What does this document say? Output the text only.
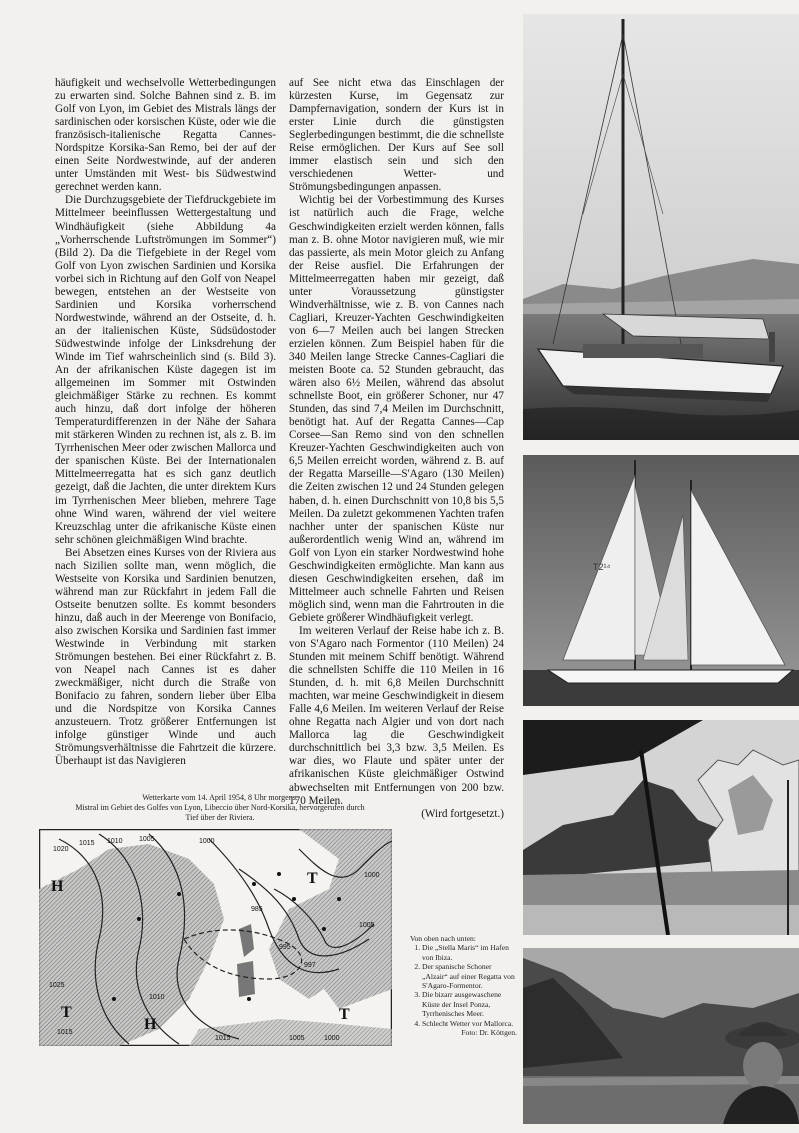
häufigkeit und wechselvolle Wetterbedingungen zu erwarten sind. Solche Bahnen sind z. B. im Golf von Lyon, im Gebiet des Mistrals längs der sardinischen oder korsischen Küste, oder wie die französisch-italienische Regatta Cannes-Nordspitze Korsika-San Remo, bei der auf der einen Seite Nordwestwinde, auf der anderen unter Umständen mit West- bis Südwestwind gerechnet werden kann.

Die Durchzugsgebiete der Tiefdruckgebiete im Mittelmeer beeinflussen Wettergestaltung und Windhäufigkeit (siehe Abbildung 4a „Vorherrschende Luftströmungen im Sommer“) (Bild 2). Da die Tiefgebiete in der Regel vom Golf von Lyon zwischen Sardinien und Korsika vorbei sich in Richtung auf den Golf von Neapel bewegen, entstehen an der Westseite von Sardinien und Korsika vorherrschend Nordwestwinde, während an der Ostseite, d. h. an der italienischen Küste, Südsüdostoder Südwestwinde infolge der Linksdrehung der Winde im Tief wahrscheinlich sind (s. Bild 3). An der afrikanischen Küste dagegen ist im allgemeinen im Sommer mit Ostwinden gleichmäßiger Stärke zu rechnen. Es kommt auch hinzu, daß dort infolge der höheren Temperaturdifferenzen in der Nähe der Sahara mit stärkeren Winden zu rechnen ist, als z. B. im Tyrrhenischen Meer oder zwischen Mallorca und der spanischen Küste. Bei der Internationalen Mittelmeerregatta hat es sich ganz deutlich gezeigt, daß die Jachten, die unter direktem Kurs im Tyrrhenischen Meer blieben, mehrere Tage ohne Wind waren, während der viel weitere Kreuzschlag unter die afrikanische Küste einen sehr schönen gleichmäßigen Wind brachte.

Bei Absetzen eines Kurses von der Riviera aus nach Sizilien sollte man, wenn möglich, die Westseite von Korsika und Sardinien benutzen, während man zur Rückfahrt in jedem Fall die Ostseite benutzen sollte. Es kommt besonders hinzu, daß auch in der Meerenge von Bonifacio, also zwischen Korsika und Sardinien fast immer Westwinde in Verbindung mit starken Strömungen bestehen. Bei einer Rückfahrt z. B. von Neapel nach Cannes ist es daher zweckmäßiger, nicht durch die Straße von Bonifacio zu fahren, sondern lieber über Elba und die Nordspitze von Korsika Cannes anzusteuern. Trotz größerer Entfernungen ist infolge günstiger Winde und auch Strömungsverhältnisse die Fahrtzeit die kürzere. Überhaupt ist das Navigieren

auf See nicht etwa das Einschlagen der kürzesten Kurse, im Gegensatz zur Dampfernavigation, sondern der Kurs ist in erster Linie durch die günstigsten Seglerbedingungen bestimmt, die die schnellste Reise ermöglichen. Der Kurs auf See soll immer elastisch sein und sich den verschiedenen Wetter- und Strömungsbedingungen anpassen.

Wichtig bei der Vorbestimmung des Kurses ist natürlich auch die Frage, welche Geschwindigkeiten erzielt werden können, falls man z. B. ohne Motor navigieren muß, wie mir das passierte, als mein Motor gleich zu Anfang der Reise ausfiel. Die Erfahrungen der Mittelmeerregatten haben mir gezeigt, daß unter Voraussetzung günstigster Windverhältnisse, wie z. B. von Cannes nach Cagliari, Kreuzer-Yachten Geschwindigkeiten von 6—7 Meilen auch bei langen Strecken erzielen können. Zum Beispiel haben für die 340 Meilen lange Strecke Cannes-Cagliari die meisten Boote ca. 52 Stunden gebraucht, das wären also 6½ Meilen, während das absolut schnellste Boot, ein größerer Schoner, nur 47 Stunden, das sind 7,4 Meilen im Durchschnitt, benötigt hat. Auf der Regatta Cannes—Cap Corsee—San Remo sind von den schnellen Kreuzer-Yachten Geschwindigkeiten auch von 6,5 Meilen erreicht worden, während z. B. auf der Regatta Marseille—S'Agaro (130 Meilen) die Zeiten zwischen 12 und 24 Stunden gelegen haben, d. h. einen Durchschnitt von 10,8 bis 5,5 Meilen. Da zuletzt gekommenen Yachten trafen nachher unter der spanischen Küste nur außerordentlich wenig Wind an, während im Golf von Lyon ein starker Nordwestwind hohe Geschwindigkeiten ermöglichte. Man kann aus diesen Geschwindigkeiten ersehen, daß im Mittelmeer auch schnelle Fahrten und Reisen möglich sind, wenn man die Fahrtrouten in die Gebiete größerer Windhäufigkeit verlegt.

Im weiteren Verlauf der Reise habe ich z. B. von S'Agaro nach Formentor (110 Meilen) 24 Stunden mit meinem Schiff benötigt. Während die schnellsten Schiffe die 110 Meilen in 16 Stunden, d. h. mit 6,8 Meilen Durchschnitt machten, war meine Geschwindigkeit in diesem Falle 4,6 Meilen. Im weiteren Verlauf der Reise ohne Regatta nach Algier und von dort nach Mallorca lag die Geschwindigkeit durchschnittlich bei 3,3 bzw. 3,5 Meilen. Es war dies, wo Flaute und später unter der afrikanischen Küste gleichmäßiger Ostwind abwechselten mit Entfernungen von 200 bzw. 170 Meilen.

(Wird fortgesetzt.)
Wetterkarte vom 14. April 1954, 8 Uhr morgens.
Mistral im Gebiet des Golfes von Lyon, Libeccio über Nord-Korsika, hervorgerufen durch Tief über der Riviera.
1020
1015 1010 1005	1000
995
997
985
1000
1005
1010
1015
1025
1015	1005	1000
H	T
T	T
H

Von oben nach unten:

1. Die „Stella Maris“ im Hafen von Ibiza.
2. Der spanische Schoner „Alzair“ auf einer Regatta von S'Agaro-Formentor.
3. Die bizarr ausgewaschene Küste der Insel Ponza, Tyrrhenisches Meer.
4. Schlecht Wetter vor Mallorca.

Foto: Dr. Köttgen.

T2¹⁴
